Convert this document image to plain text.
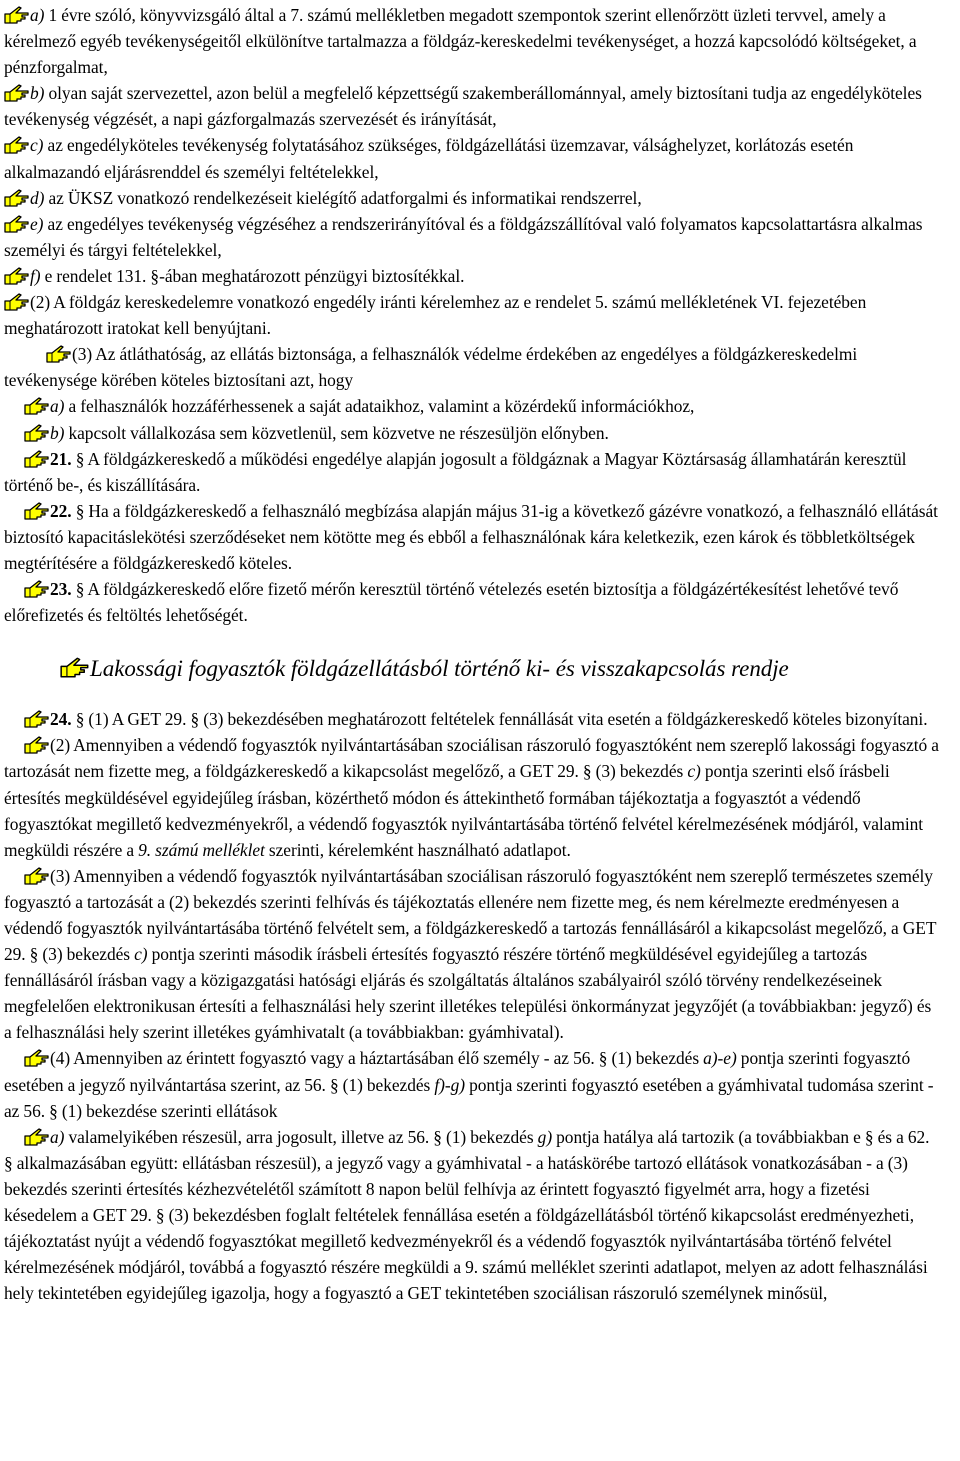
a) 1 évre szóló, könyvvizsgáló által a 7. számú mellékletben megadott szempontok szerint ellenőrzött üzleti tervvel, amely a kérelmező egyéb tevékenységeitől elkülönítve tartalmazza a földgáz-kereskedelmi tevékenységet, a hozzá kapcsolódó költségeket, a pénzforgalmat,

b) olyan saját szervezettel, azon belül a megfelelő képzettségű szakemberállománnyal, amely biztosítani tudja az engedélyköteles tevékenység végzését, a napi gázforgalmazás szervezését és irányítását,

c) az engedélyköteles tevékenység folytatásához szükséges, földgázellátási üzemzavar, válsághelyzet, korlátozás esetén alkalmazandó eljárásrenddel és személyi feltételekkel,

d) az ÜKSZ vonatkozó rendelkezéseit kielégítő adatforgalmi és informatikai rendszerrel,

e) az engedélyes tevékenység végzéséhez a rendszerirányítóval és a földgázszállítóval való folyamatos kapcsolattartásra alkalmas személyi és tárgyi feltételekkel,

f) e rendelet 131. §-ában meghatározott pénzügyi biztosítékkal.

(2) A földgáz kereskedelemre vonatkozó engedély iránti kérelemhez az e rendelet 5. számú mellékletének VI. fejezetében meghatározott iratokat kell benyújtani.

(3) Az átláthatóság, az ellátás biztonsága, a felhasználók védelme érdekében az engedélyes a földgázkereskedelmi tevékenysége körében köteles biztosítani azt, hogy

a) a felhasználók hozzáférhessenek a saját adataikhoz, valamint a közérdekű információkhoz,

b) kapcsolt vállalkozása sem közvetlenül, sem közvetve ne részesüljön előnyben.

21. § A földgázkereskedő a működési engedélye alapján jogosult a földgáznak a Magyar Köztársaság államhatárán keresztül történő be-, és kiszállítására.

22. § Ha a földgázkereskedő a felhasználó megbízása alapján május 31-ig a következő gázévre vonatkozó, a felhasználó ellátását biztosító kapacitáslekötési szerződéseket nem kötötte meg és ebből a felhasználónak kára keletkezik, ezen károk és többletköltségek megtérítésére a földgázkereskedő köteles.

23. § A földgázkereskedő előre fizető mérőn keresztül történő vételezés esetén biztosítja a földgázértékesítést lehetővé tevő előrefizetés és feltöltés lehetőségét.

Lakossági fogyasztók földgázellátásból történő ki- és visszakapcsolás rendje

24. § (1) A GET 29. § (3) bekezdésében meghatározott feltételek fennállását vita esetén a földgázkereskedő köteles bizonyítani.

(2) Amennyiben a védendő fogyasztók nyilvántartásában szociálisan rászoruló fogyasztóként nem szereplő lakossági fogyasztó a tartozását nem fizette meg, a földgázkereskedő a kikapcsolást megelőző, a GET 29. § (3) bekezdés c) pontja szerinti első írásbeli értesítés megküldésével egyidejűleg írásban, közérthető módon és áttekinthető formában tájékoztatja a fogyasztót a védendő fogyasztókat megillető kedvezményekről, a védendő fogyasztók nyilvántartásába történő felvétel kérelmezésének módjáról, valamint megküldi részére a 9. számú melléklet szerinti, kérelemként használható adatlapot.

(3) Amennyiben a védendő fogyasztók nyilvántartásában szociálisan rászoruló fogyasztóként nem szereplő természetes személy fogyasztó a tartozását a (2) bekezdés szerinti felhívás és tájékoztatás ellenére nem fizette meg, és nem kérelmezte eredményesen a védendő fogyasztók nyilvántartásába történő felvételt sem, a földgázkereskedő a tartozás fennállásáról a kikapcsolást megelőző, a GET 29. § (3) bekezdés c) pontja szerinti második írásbeli értesítés fogyasztó részére történő megküldésével egyidejűleg a tartozás fennállásáról írásban vagy a közigazgatási hatósági eljárás és szolgáltatás általános szabályairól szóló törvény rendelkezéseinek megfelelően elektronikusan értesíti a felhasználási hely szerint illetékes települési önkormányzat jegyzőjét (a továbbiakban: jegyző) és a felhasználási hely szerint illetékes gyámhivatalt (a továbbiakban: gyámhivatal).

(4) Amennyiben az érintett fogyasztó vagy a háztartásában élő személy - az 56. § (1) bekezdés a)-e) pontja szerinti fogyasztó esetében a jegyző nyilvántartása szerint, az 56. § (1) bekezdés f)-g) pontja szerinti fogyasztó esetében a gyámhivatal tudomása szerint - az 56. § (1) bekezdése szerinti ellátások

a) valamelyikében részesül, arra jogosult, illetve az 56. § (1) bekezdés g) pontja hatálya alá tartozik (a továbbiakban e § és a 62. § alkalmazásában együtt: ellátásban részesül), a jegyző vagy a gyámhivatal - a hatáskörébe tartozó ellátások vonatkozásában - a (3) bekezdés szerinti értesítés kézhezvételétől számított 8 napon belül felhívja az érintett fogyasztó figyelmét arra, hogy a fizetési késedelem a GET 29. § (3) bekezdésben foglalt feltételek fennállása esetén a földgázellátásból történő kikapcsolást eredményezheti, tájékoztatást nyújt a védendő fogyasztókat megillető kedvezményekről és a védendő fogyasztók nyilvántartásába történő felvétel kérelmezésének módjáról, továbbá a fogyasztó részére megküldi a 9. számú melléklet szerinti adatlapot, melyen az adott felhasználási hely tekintetében egyidejűleg igazolja, hogy a fogyasztó a GET tekintetében szociálisan rászoruló személynek minősül,
